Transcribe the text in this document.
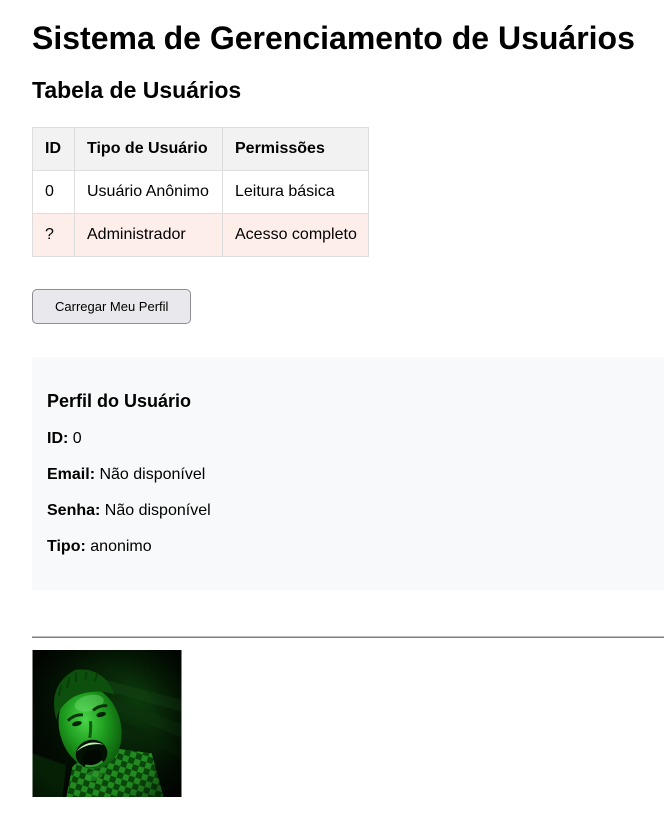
Sistema de Gerenciamento de Usuários
Tabela de Usuários
ID	Tipo de Usuário	Permissões
0	Usuário Anônimo	Leitura básica
?	Administrador	Acesso completo
Carregar Meu Perfil
Perfil do Usuário

ID: 0

Email: Não disponível

Senha: Não disponível

Tipo: anonimo
